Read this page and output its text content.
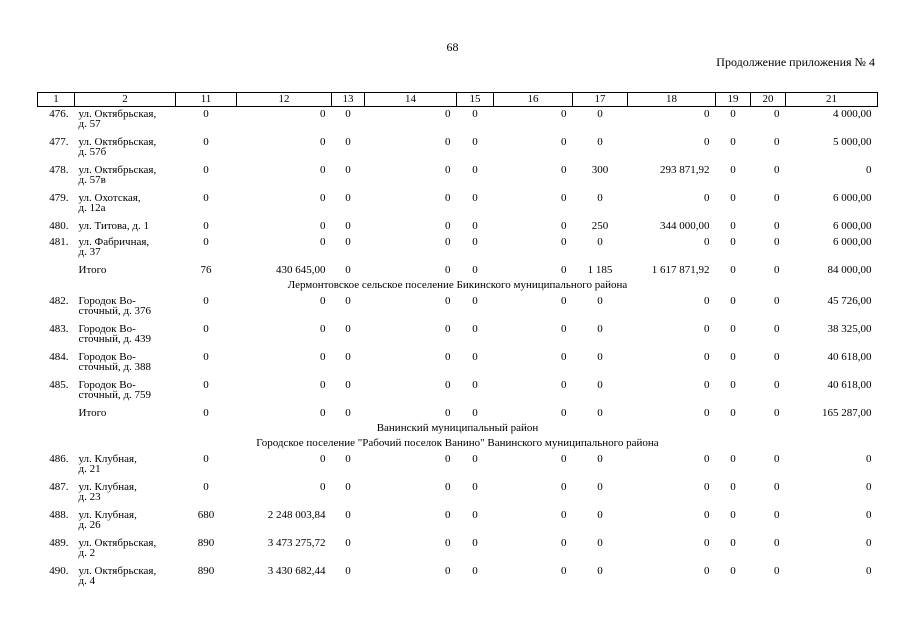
68
Продолжение приложения № 4
1	2	11	12	13	14	15	16	17	18	19	20	21
476.	ул. Октябрьская,
д. 57	0	0	0	0	0	0	0	0	0	0	4 000,00
477.	ул. Октябрьская,
д. 57б	0	0	0	0	0	0	0	0	0	0	5 000,00
478.	ул. Октябрьская,
д. 57в	0	0	0	0	0	0	300	293 871,92	0	0	0
479.	ул. Охотская,
д. 12а	0	0	0	0	0	0	0	0	0	0	6 000,00
480.	ул. Титова, д. 1	0	0	0	0	0	0	250	344 000,00	0	0	6 000,00
481.	ул. Фабричная,
д. 37	0	0	0	0	0	0	0	0	0	0	6 000,00
	Итого	76	430 645,00	0	0	0	0	1 185	1 617 871,92	0	0	84 000,00
Лермонтовское сельское поселение Бикинского муниципального района												
482.	Городок Во-
сточный, д. 376	0	0	0	0	0	0	0	0	0	0	45 726,00
483.	Городок Во-
сточный, д. 439	0	0	0	0	0	0	0	0	0	0	38 325,00
484.	Городок Во-
сточный, д. 388	0	0	0	0	0	0	0	0	0	0	40 618,00
485.	Городок Во-
сточный, д. 759	0	0	0	0	0	0	0	0	0	0	40 618,00
	Итого	0	0	0	0	0	0	0	0	0	0	165 287,00
Ванинский муниципальный район												
Городское поселение "Рабочий поселок Ванино" Ванинского муниципального района												
486.	ул. Клубная,
д. 21	0	0	0	0	0	0	0	0	0	0	0
487.	ул. Клубная,
д. 23	0	0	0	0	0	0	0	0	0	0	0
488.	ул. Клубная,
д. 26	680	2 248 003,84	0	0	0	0	0	0	0	0	0
489.	ул. Октябрьская,
д. 2	890	3 473 275,72	0	0	0	0	0	0	0	0	0
490.	ул. Октябрьская,
д. 4	890	3 430 682,44	0	0	0	0	0	0	0	0	0
